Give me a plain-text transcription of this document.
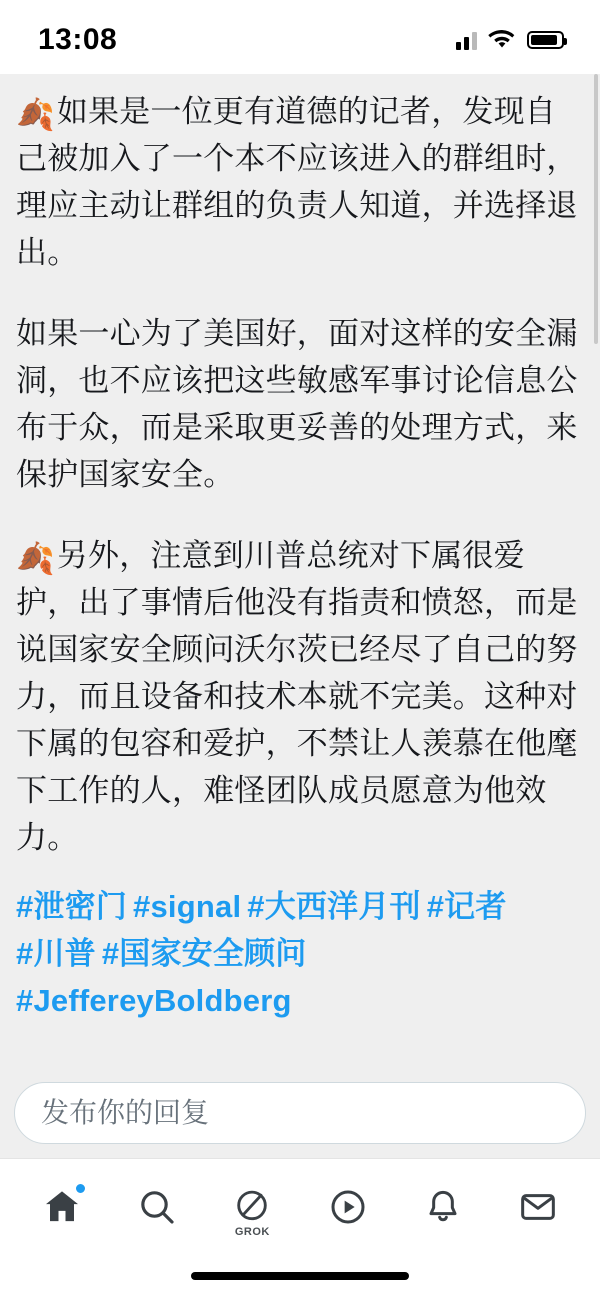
13:08

🍂如果是一位更有道德的记者，发现自己被加入了一个本不应该进入的群组时，理应主动让群组的负责人知道，并选择退出。

如果一心为了美国好，面对这样的安全漏洞，也不应该把这些敏感军事讨论信息公布于众，而是采取更妥善的处理方式，来保护国家安全。

🍂另外，注意到川普总统对下属很爱护，出了事情后他没有指责和愤怒，而是说国家安全顾问沃尔茨已经尽了自己的努力，而且设备和技术本就不完美。这种对下属的包容和爱护，不禁让人羡慕在他麾下工作的人，难怪团队成员愿意为他效力。

#泄密门 #signal #大西洋月刊 #记者#川普 #国家安全顾问#JeffereyBoldberg
发布你的回复
GROK
